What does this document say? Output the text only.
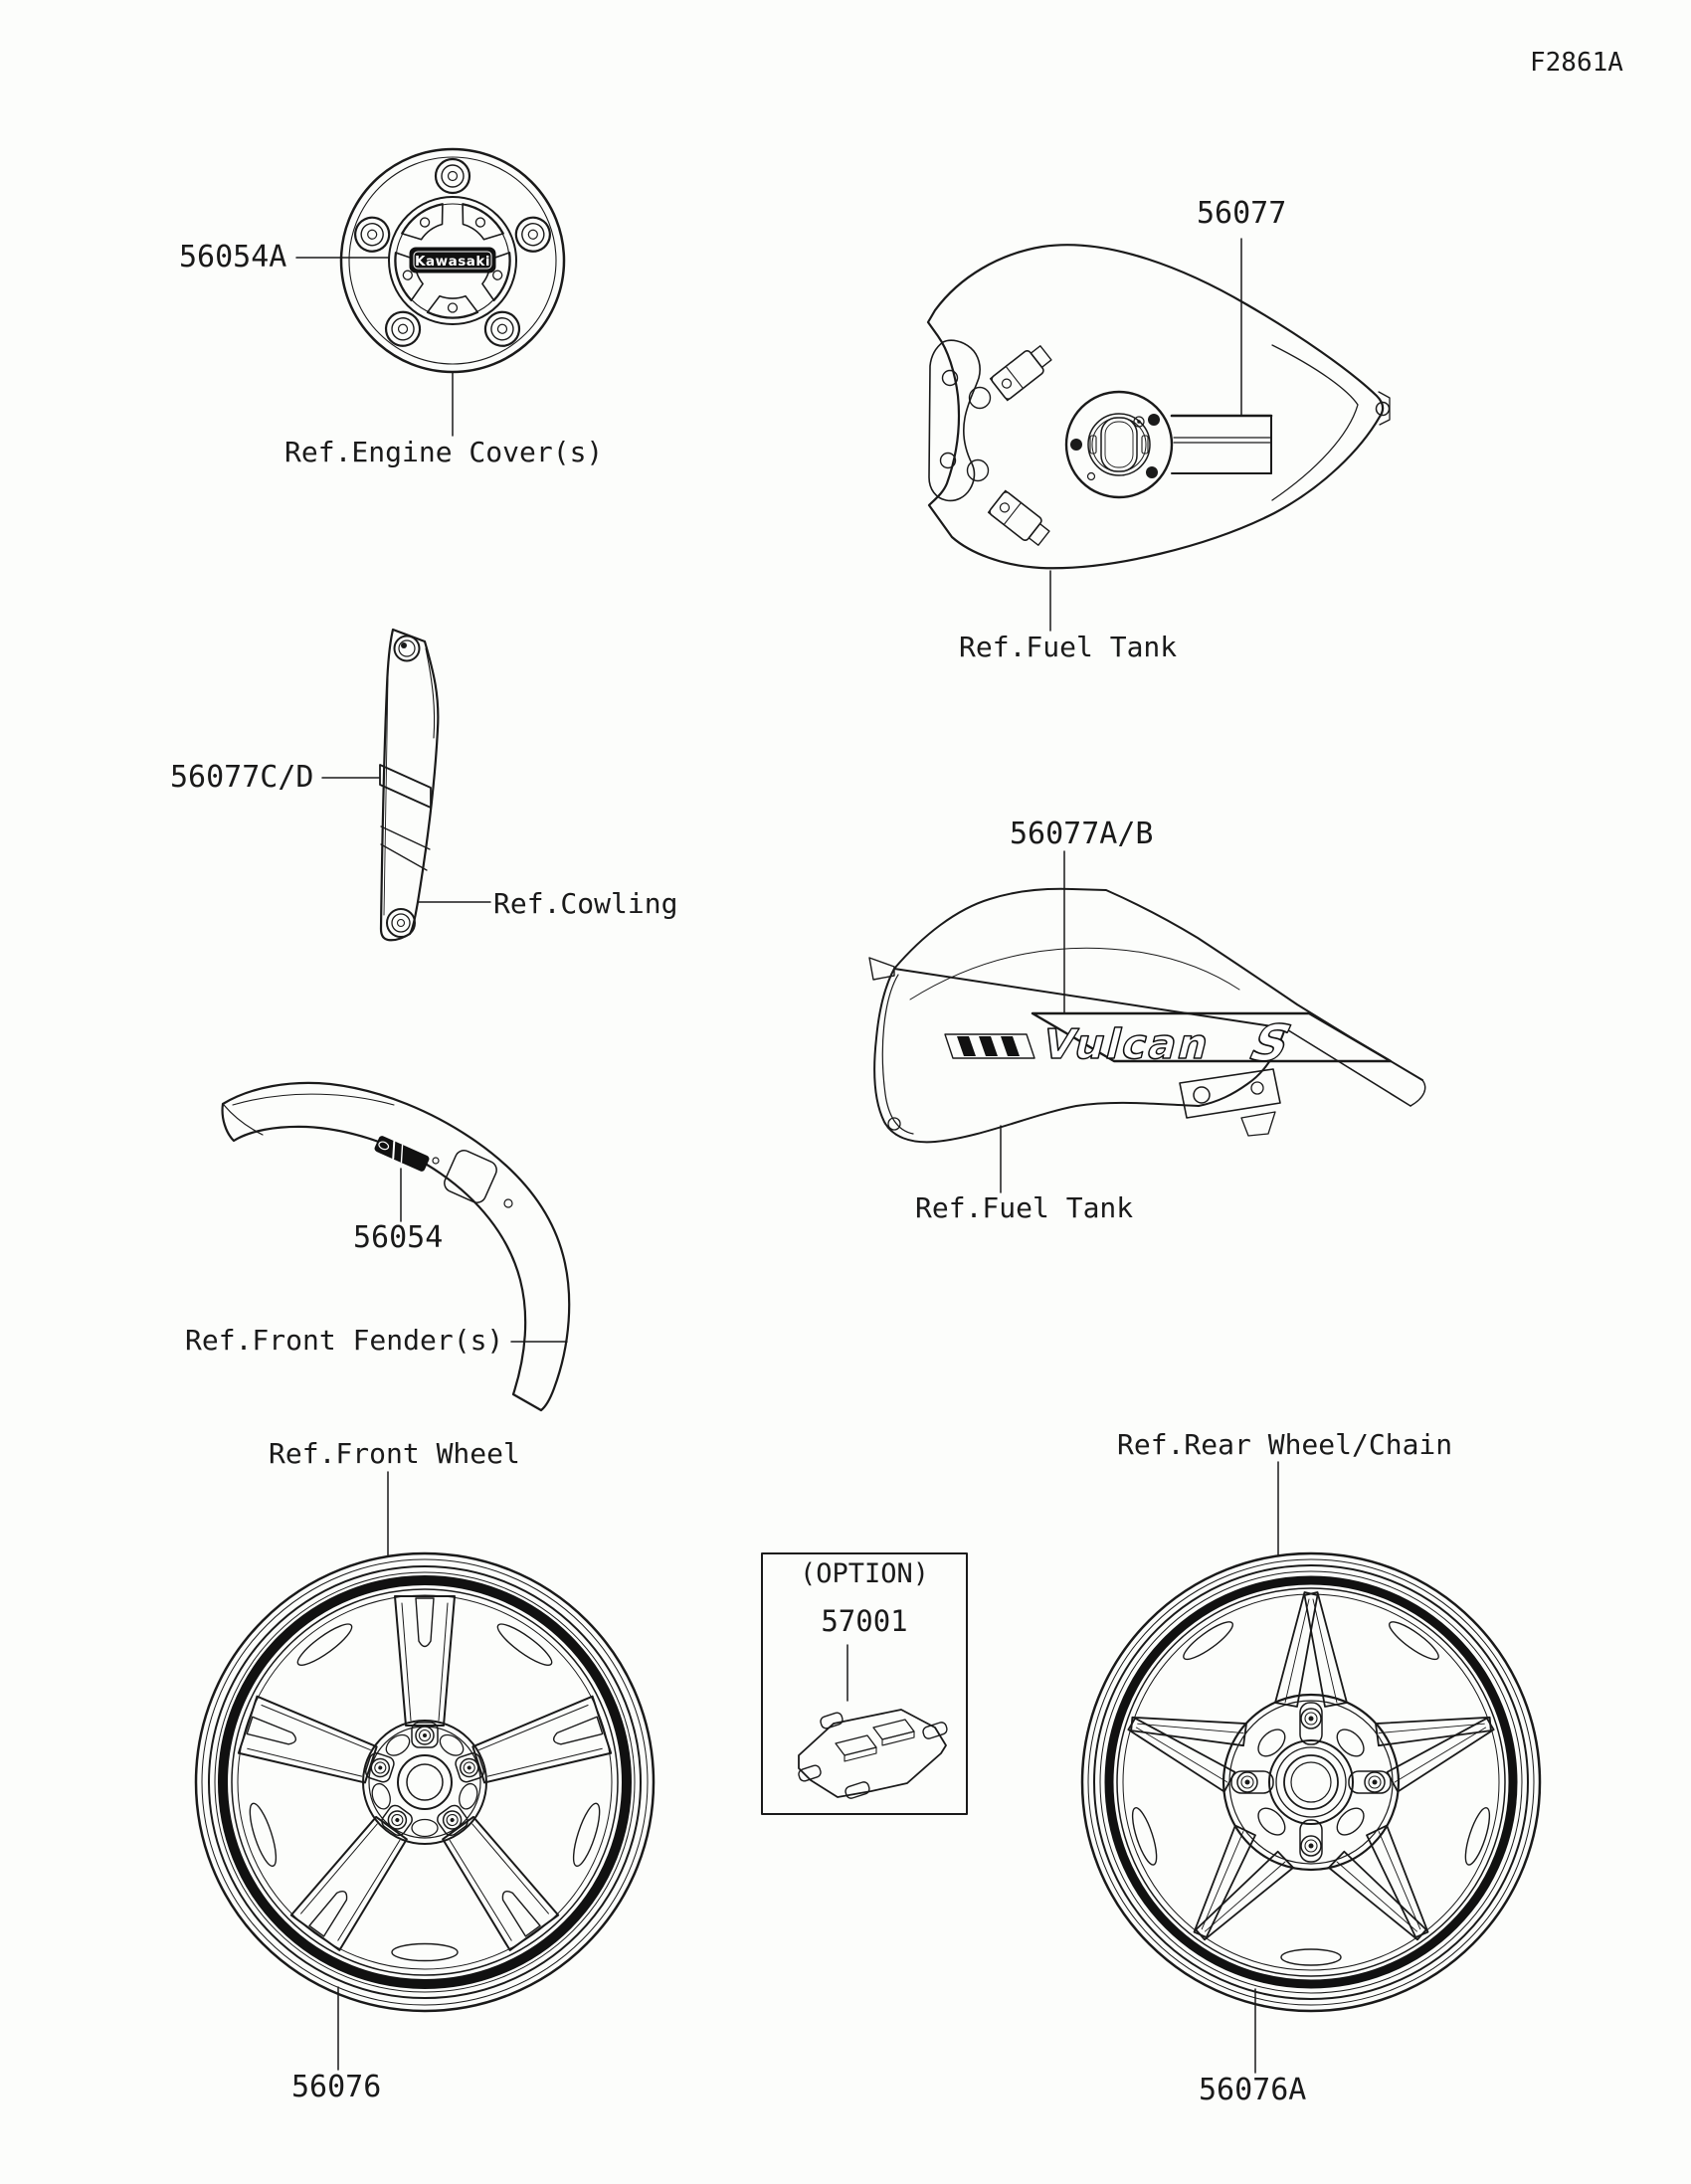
Kawasaki
Vulcan S
F2861A
56054A
Ref.Engine Cover(s)
56077
Ref.Fuel Tank
56077C/D
Ref.Cowling
56077A/B
Ref.Fuel Tank
56054
Ref.Front Fender(s)
Ref.Front Wheel
56076
Ref.Rear Wheel/Chain
56076A
(OPTION)
57001
